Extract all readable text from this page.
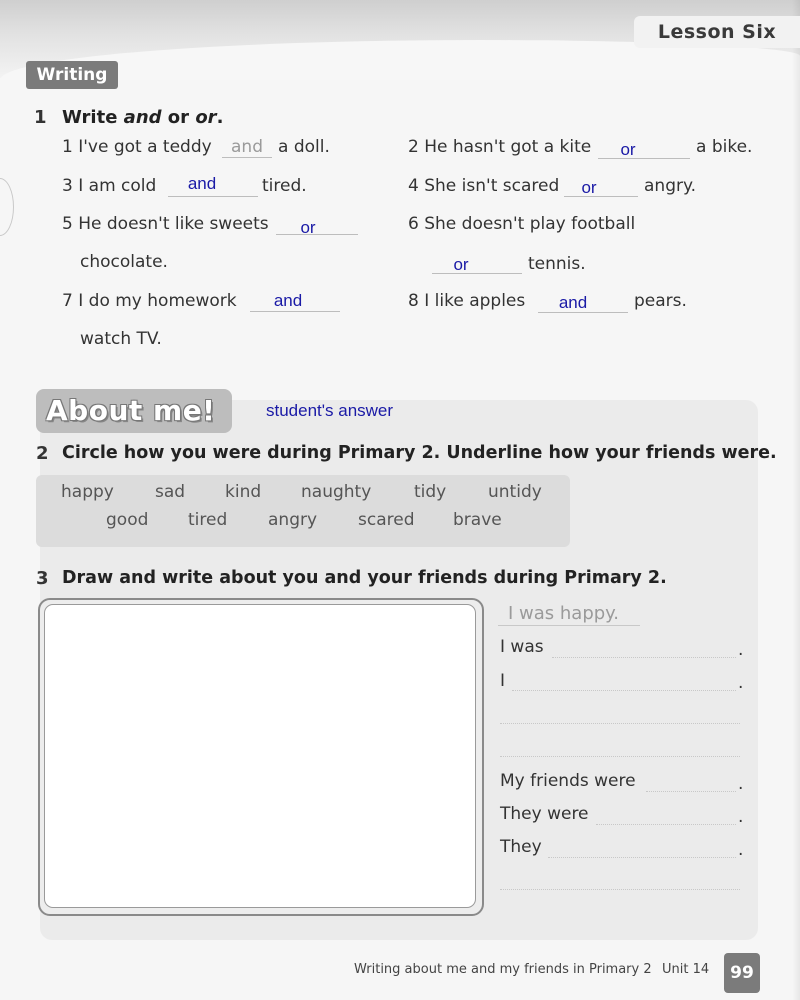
Lesson Six
Writing
1 Write and or or.
1 I've got a teddy	and a doll.	2 He hasn't got a kite	or	a bike.
3 I am cold	and	tired.	4 She isn't scared	or	angry.
5 He doesn't like sweets	or
chocolate.
6 She doesn't play football
or	tennis.
7 I do my homework	and
watch TV.
8 I like apples	and	pears.
About me!	student's answer
2 Circle how you were during Primary 2. Underline how your friends were.
happy sad kind naughty	tidy untidy
good tired angry scared brave
3 Draw and write about you and your friends during Primary 2.
I was happy.
I was	.
I	.
My friends were	.
They were	.
They	.
Writing about me and my friends in Primary 2 Unit 14	99
